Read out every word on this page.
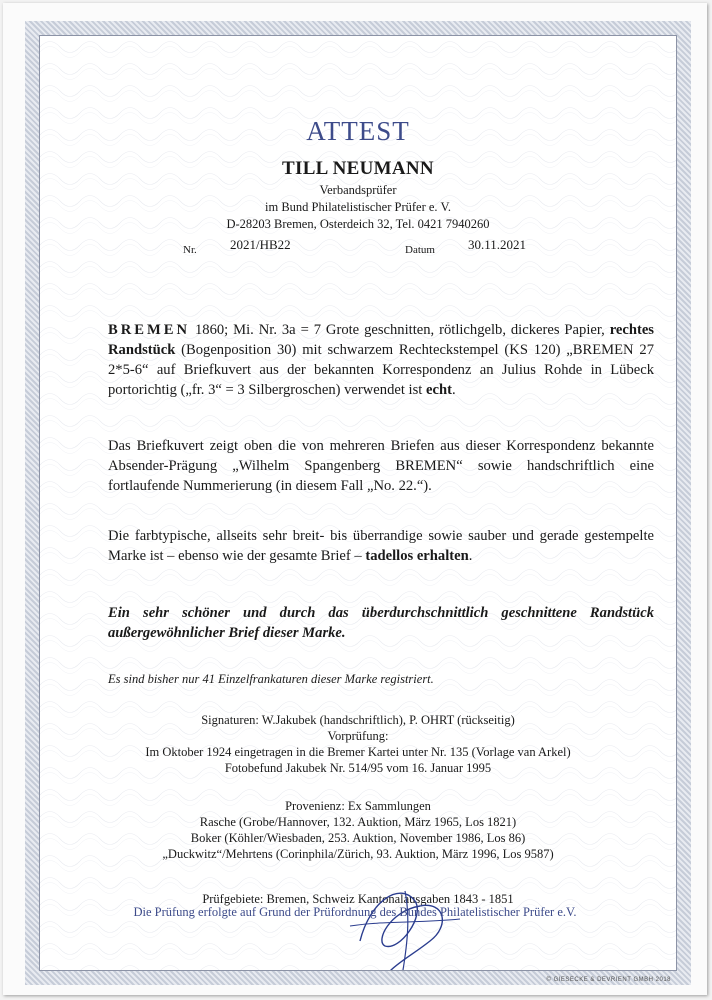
ATTEST
TILL NEUMANN
Verbandsprüfer
im Bund Philatelistischer Prüfer e. V.
D-28203 Bremen, Osterdeich 32, Tel. 0421 7940260
Nr.	2021/HB22	Datum	30.11.2021
BREMEN 1860; Mi. Nr. 3a = 7 Grote geschnitten, rötlichgelb, dickeres Papier, rechtes Randstück (Bogenposition 30) mit schwarzem Rechteckstempel (KS 120) „BREMEN 27 2*5-6“ auf Briefkuvert aus der bekannten Korrespondenz an Julius Rohde in Lübeck portorichtig („fr. 3“ = 3 Silbergroschen) verwendet ist echt.
Das Briefkuvert zeigt oben die von mehreren Briefen aus dieser Korrespondenz bekannte Absender-Prägung „Wilhelm Spangenberg BREMEN“ sowie handschriftlich eine fortlaufende Nummerierung (in diesem Fall „No. 22.“).
Die farbtypische, allseits sehr breit- bis überrandige sowie sauber und gerade gestempelte Marke ist – ebenso wie der gesamte Brief – tadellos erhalten.
Ein sehr schöner und durch das überdurchschnittlich geschnittene Randstück außergewöhnlicher Brief dieser Marke.
Es sind bisher nur 41 Einzelfrankaturen dieser Marke registriert.
Signaturen: W.Jakubek (handschriftlich), P. OHRT (rückseitig)
Vorprüfung:
Im Oktober 1924 eingetragen in die Bremer Kartei unter Nr. 135 (Vorlage van Arkel)
Fotobefund Jakubek Nr. 514/95 vom 16. Januar 1995
Provenienz: Ex Sammlungen
Rasche (Grobe/Hannover, 132. Auktion, März 1965, Los 1821)
Boker (Köhler/Wiesbaden, 253. Auktion, November 1986, Los 86)
„Duckwitz“/Mehrtens (Corinphila/Zürich, 93. Auktion, März 1996, Los 9587)
Prüfgebiete: Bremen, Schweiz Kantonalausgaben 1843 - 1851
Die Prüfung erfolgte auf Grund der Prüfordnung des Bundes Philatelistischer Prüfer e.V.
© GIESECKE & DEVRIENT GMBH 2018
